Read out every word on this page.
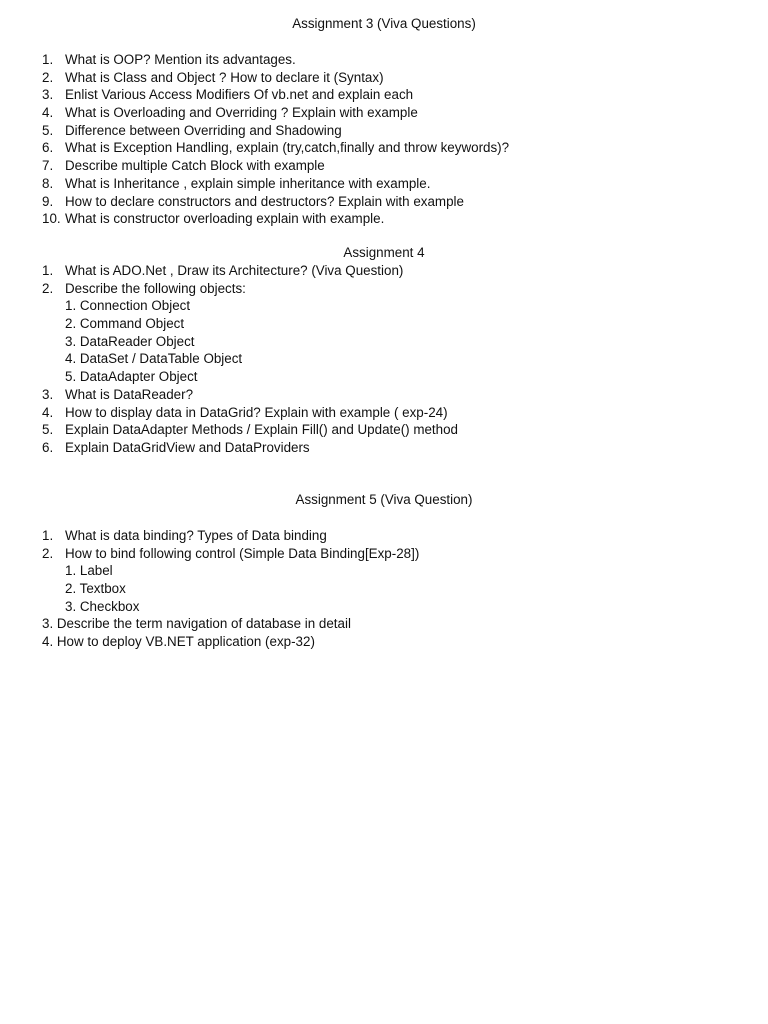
Assignment 3 (Viva Questions)
1. What is OOP? Mention its advantages.
2. What is Class and Object ? How to declare it (Syntax)
3. Enlist Various Access Modifiers Of vb.net and explain each
4. What is Overloading and Overriding ? Explain with example
5. Difference between Overriding and Shadowing
6. What is Exception Handling, explain (try,catch,finally and throw keywords)?
7. Describe multiple Catch Block with example
8. What is Inheritance , explain simple inheritance with example.
9. How to declare constructors and destructors? Explain with example
10. What is constructor overloading explain with example.
Assignment 4
1. What is ADO.Net , Draw its Architecture? (Viva Question)
2. Describe the following objects:
1. Connection Object
2. Command Object
3. DataReader Object
4. DataSet / DataTable Object
5. DataAdapter Object
3. What is DataReader?
4. How to display data in DataGrid? Explain with example ( exp-24)
5. Explain DataAdapter Methods / Explain Fill() and Update() method
6. Explain DataGridView and DataProviders
Assignment 5 (Viva Question)
1. What is data binding? Types of Data binding
2. How to bind following control (Simple Data Binding[Exp-28])
1. Label
2. Textbox
3. Checkbox
3. Describe the term navigation of database in detail
4. How to deploy VB.NET application (exp-32)
